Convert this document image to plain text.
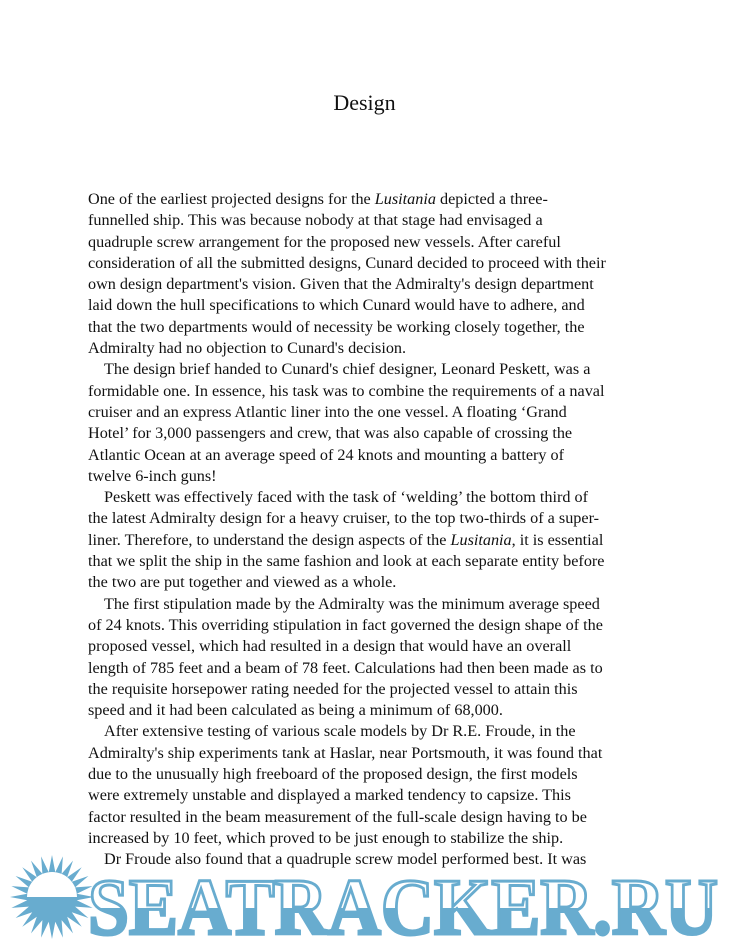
Design
One of the earliest projected designs for the Lusitania depicted a three-
funnelled ship. This was because nobody at that stage had envisaged a
quadruple screw arrangement for the proposed new vessels. After careful
consideration of all the submitted designs, Cunard decided to proceed with their
own design department's vision. Given that the Admiralty's design department
laid down the hull specifications to which Cunard would have to adhere, and
that the two departments would of necessity be working closely together, the
Admiralty had no objection to Cunard's decision.
The design brief handed to Cunard's chief designer, Leonard Peskett, was a
formidable one. In essence, his task was to combine the requirements of a naval
cruiser and an express Atlantic liner into the one vessel. A floating ‘Grand
Hotel’ for 3,000 passengers and crew, that was also capable of crossing the
Atlantic Ocean at an average speed of 24 knots and mounting a battery of
twelve 6-inch guns!
Peskett was effectively faced with the task of ‘welding’ the bottom third of
the latest Admiralty design for a heavy cruiser, to the top two-thirds of a super-
liner. Therefore, to understand the design aspects of the Lusitania, it is essential
that we split the ship in the same fashion and look at each separate entity before
the two are put together and viewed as a whole.
The first stipulation made by the Admiralty was the minimum average speed
of 24 knots. This overriding stipulation in fact governed the design shape of the
proposed vessel, which had resulted in a design that would have an overall
length of 785 feet and a beam of 78 feet. Calculations had then been made as to
the requisite horsepower rating needed for the projected vessel to attain this
speed and it had been calculated as being a minimum of 68,000.
After extensive testing of various scale models by Dr R.E. Froude, in the
Admiralty's ship experiments tank at Haslar, near Portsmouth, it was found that
due to the unusually high freeboard of the proposed design, the first models
were extremely unstable and displayed a marked tendency to capsize. This
factor resulted in the beam measurement of the full-scale design having to be
increased by 10 feet, which proved to be just enough to stabilize the ship.
Dr Froude also found that a quadruple screw model performed best. It was
SEATRACKER.RU
